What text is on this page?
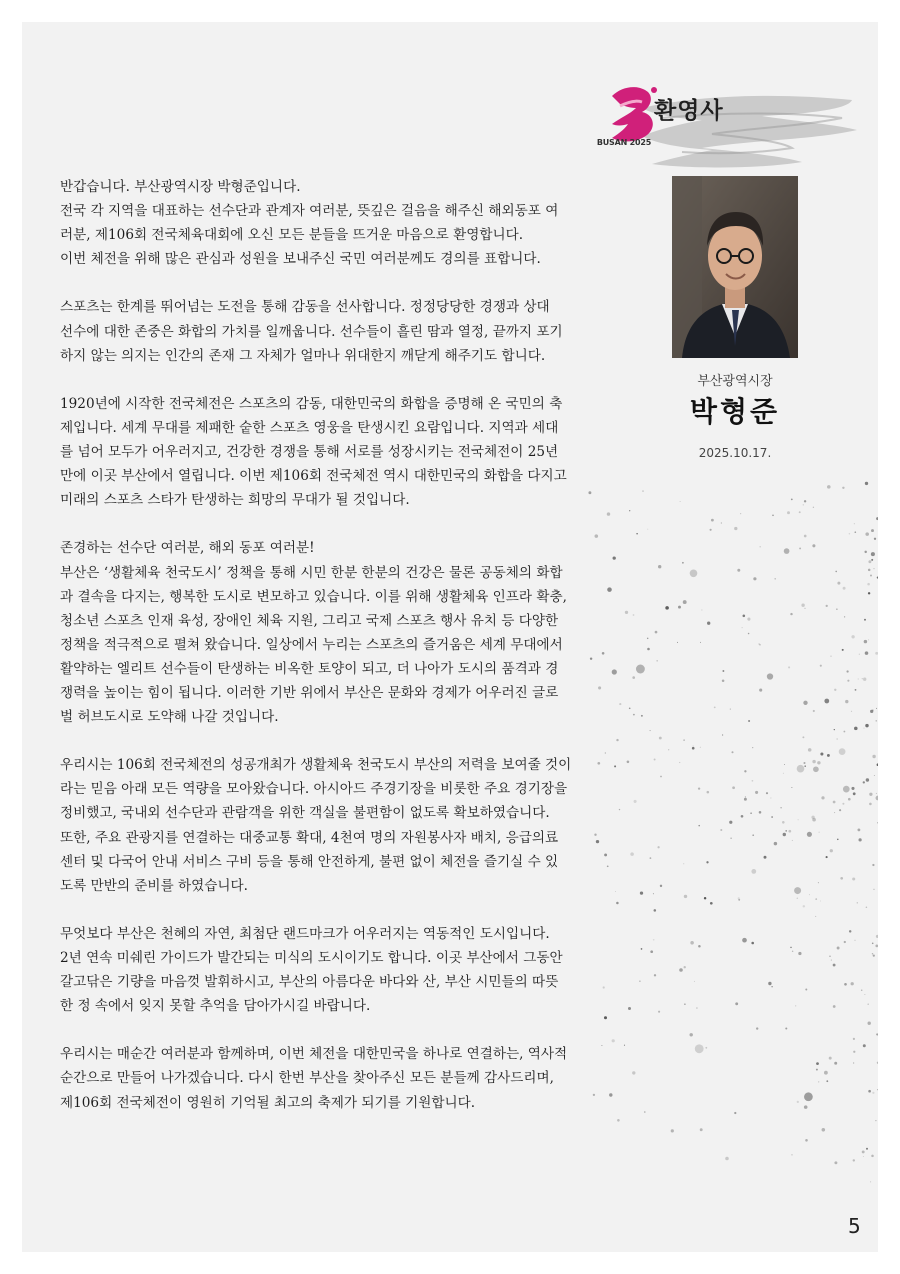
BUSAN 2025
환영사
반갑습니다. 부산광역시장 박형준입니다.
전국 각 지역을 대표하는 선수단과 관계자 여러분, 뜻깊은 걸음을 해주신 해외동포 여
러분, 제106회 전국체육대회에 오신 모든 분들을 뜨거운 마음으로 환영합니다.
이번 체전을 위해 많은 관심과 성원을 보내주신 국민 여러분께도 경의를 표합니다.
스포츠는 한계를 뛰어넘는 도전을 통해 감동을 선사합니다. 정정당당한 경쟁과 상대
선수에 대한 존중은 화합의 가치를 일깨웁니다. 선수들이 흘린 땀과 열정, 끝까지 포기
하지 않는 의지는 인간의 존재 그 자체가 얼마나 위대한지 깨닫게 해주기도 합니다.
1920년에 시작한 전국체전은 스포츠의 감동, 대한민국의 화합을 증명해 온 국민의 축
제입니다. 세계 무대를 제패한 숱한 스포츠 영웅을 탄생시킨 요람입니다. 지역과 세대
를 넘어 모두가 어우러지고, 건강한 경쟁을 통해 서로를 성장시키는 전국체전이 25년
만에 이곳 부산에서 열립니다. 이번 제106회 전국체전 역시 대한민국의 화합을 다지고
미래의 스포츠 스타가 탄생하는 희망의 무대가 될 것입니다.
존경하는 선수단 여러분, 해외 동포 여러분!
부산은 ‘생활체육 천국도시’ 정책을 통해 시민 한분 한분의 건강은 물론 공동체의 화합
과 결속을 다지는, 행복한 도시로 변모하고 있습니다. 이를 위해 생활체육 인프라 확충,
청소년 스포츠 인재 육성, 장애인 체육 지원, 그리고 국제 스포츠 행사 유치 등 다양한
정책을 적극적으로 펼쳐 왔습니다. 일상에서 누리는 스포츠의 즐거움은 세계 무대에서
활약하는 엘리트 선수들이 탄생하는 비옥한 토양이 되고, 더 나아가 도시의 품격과 경
쟁력을 높이는 힘이 됩니다. 이러한 기반 위에서 부산은 문화와 경제가 어우러진 글로
벌 허브도시로 도약해 나갈 것입니다.
우리시는 106회 전국체전의 성공개최가 생활체육 천국도시 부산의 저력을 보여줄 것이
라는 믿음 아래 모든 역량을 모아왔습니다. 아시아드 주경기장을 비롯한 주요 경기장을
정비했고, 국내외 선수단과 관람객을 위한 객실을 불편함이 없도록 확보하였습니다.
또한, 주요 관광지를 연결하는 대중교통 확대, 4천여 명의 자원봉사자 배치, 응급의료
센터 및 다국어 안내 서비스 구비 등을 통해 안전하게, 불편 없이 체전을 즐기실 수 있
도록 만반의 준비를 하였습니다.
무엇보다 부산은 천혜의 자연, 최첨단 랜드마크가 어우러지는 역동적인 도시입니다.
2년 연속 미쉐린 가이드가 발간되는 미식의 도시이기도 합니다. 이곳 부산에서 그동안
갈고닦은 기량을 마음껏 발휘하시고, 부산의 아름다운 바다와 산, 부산 시민들의 따뜻
한 정 속에서 잊지 못할 추억을 담아가시길 바랍니다.
우리시는 매순간 여러분과 함께하며, 이번 체전을 대한민국을 하나로 연결하는, 역사적
순간으로 만들어 나가겠습니다. 다시 한번 부산을 찾아주신 모든 분들께 감사드리며,
제106회 전국체전이 영원히 기억될 최고의 축제가 되기를 기원합니다.
부산광역시장
박형준
2025.10.17.
5
